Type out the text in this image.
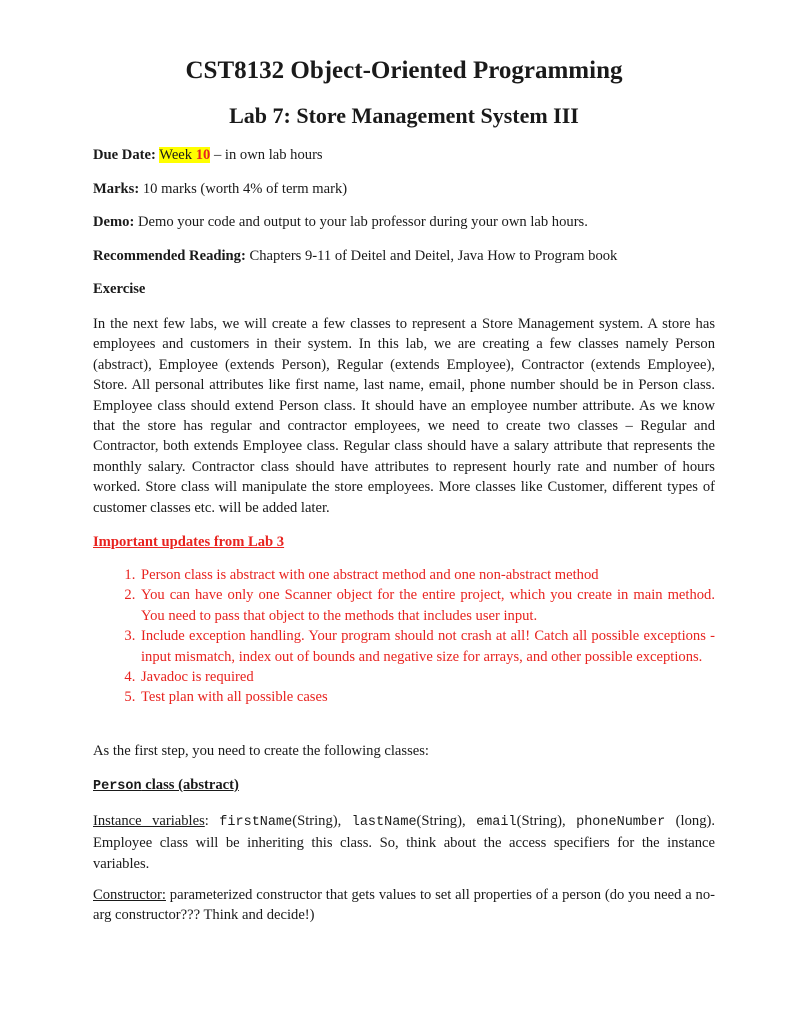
CST8132 Object-Oriented Programming
Lab 7: Store Management System III

Due Date: Week 10 – in own lab hours

Marks: 10 marks (worth 4% of term mark)

Demo: Demo your code and output to your lab professor during your own lab hours.

Recommended Reading: Chapters 9-11 of Deitel and Deitel, Java How to Program book

Exercise

In the next few labs, we will create a few classes to represent a Store Management system. A store has employees and customers in their system. In this lab, we are creating a few classes namely Person (abstract), Employee (extends Person), Regular (extends Employee), Contractor (extends Employee), Store. All personal attributes like first name, last name, email, phone number should be in Person class. Employee class should extend Person class. It should have an employee number attribute. As we know that the store has regular and contractor employees, we need to create two classes – Regular and Contractor, both extends Employee class. Regular class should have a salary attribute that represents the monthly salary. Contractor class should have attributes to represent hourly rate and number of hours worked. Store class will manipulate the store employees. More classes like Customer, different types of customer classes etc. will be added later.

Important updates from Lab 3

1. Person class is abstract with one abstract method and one non-abstract method
2. You can have only one Scanner object for the entire project, which you create in main method. You need to pass that object to the methods that includes user input.
3. Include exception handling. Your program should not crash at all! Catch all possible exceptions - input mismatch, index out of bounds and negative size for arrays, and other possible exceptions.
4. Javadoc is required
5. Test plan with all possible cases

As the first step, you need to create the following classes:

Person class (abstract)

Instance variables: firstName(String), lastName(String), email(String), phoneNumber (long). Employee class will be inheriting this class. So, think about the access specifiers for the instance variables.

Constructor: parameterized constructor that gets values to set all properties of a person (do you need a no-arg constructor??? Think and decide!)
